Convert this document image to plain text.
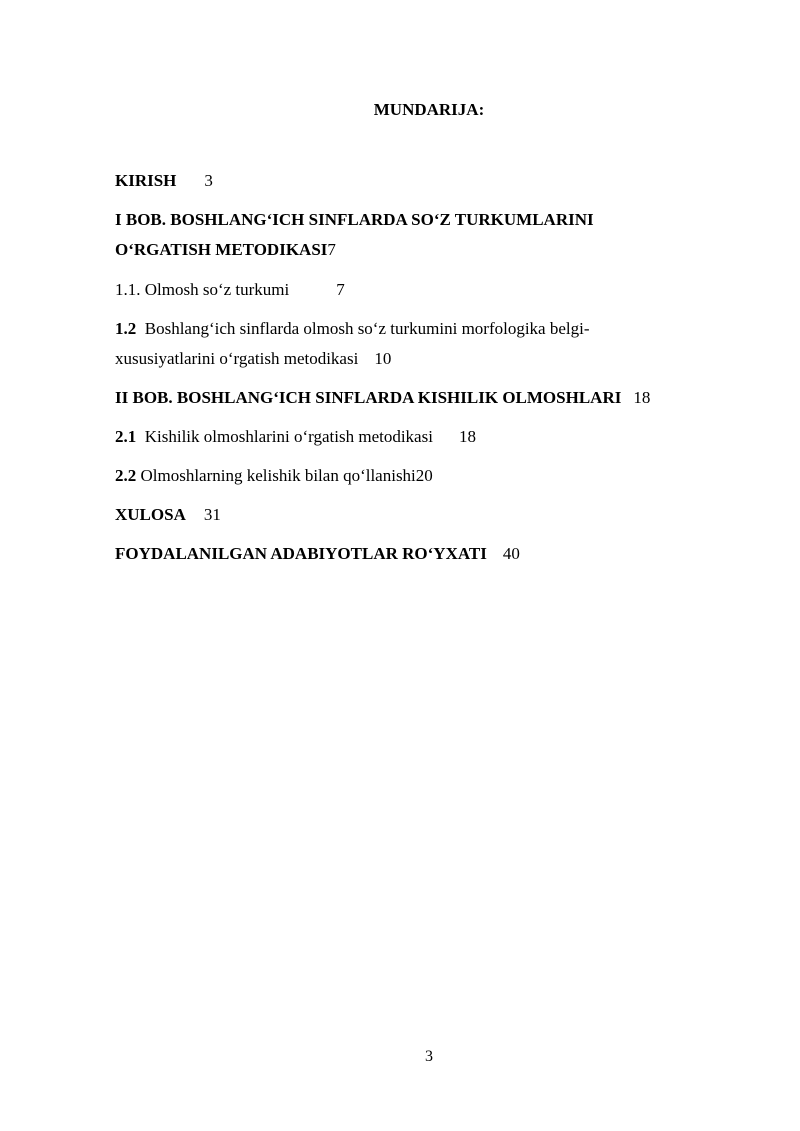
MUNDARIJA:
KIRISH 3
I BOB. BOSHLANG‘ICH SINFLARDA SO‘Z TURKUMLARINI
O‘RGATISH METODIKASI7
1.1. Olmosh so‘z turkumi	7
1.2 Boshlang‘ich sinflarda olmosh so‘z turkumini morfologika belgi-
xususiyatlarini o‘rgatish metodikasi 10
II BOB. BOSHLANG‘ICH SINFLARDA KISHILIK OLMOSHLARI 18
2.1 Kishilik olmoshlarini o‘rgatish metodikasi 18
2.2 Olmoshlarning kelishik bilan qo‘llanishi20
XULOSA 31
FOYDALANILGAN ADABIYOTLAR RO‘YXATI 40
3
